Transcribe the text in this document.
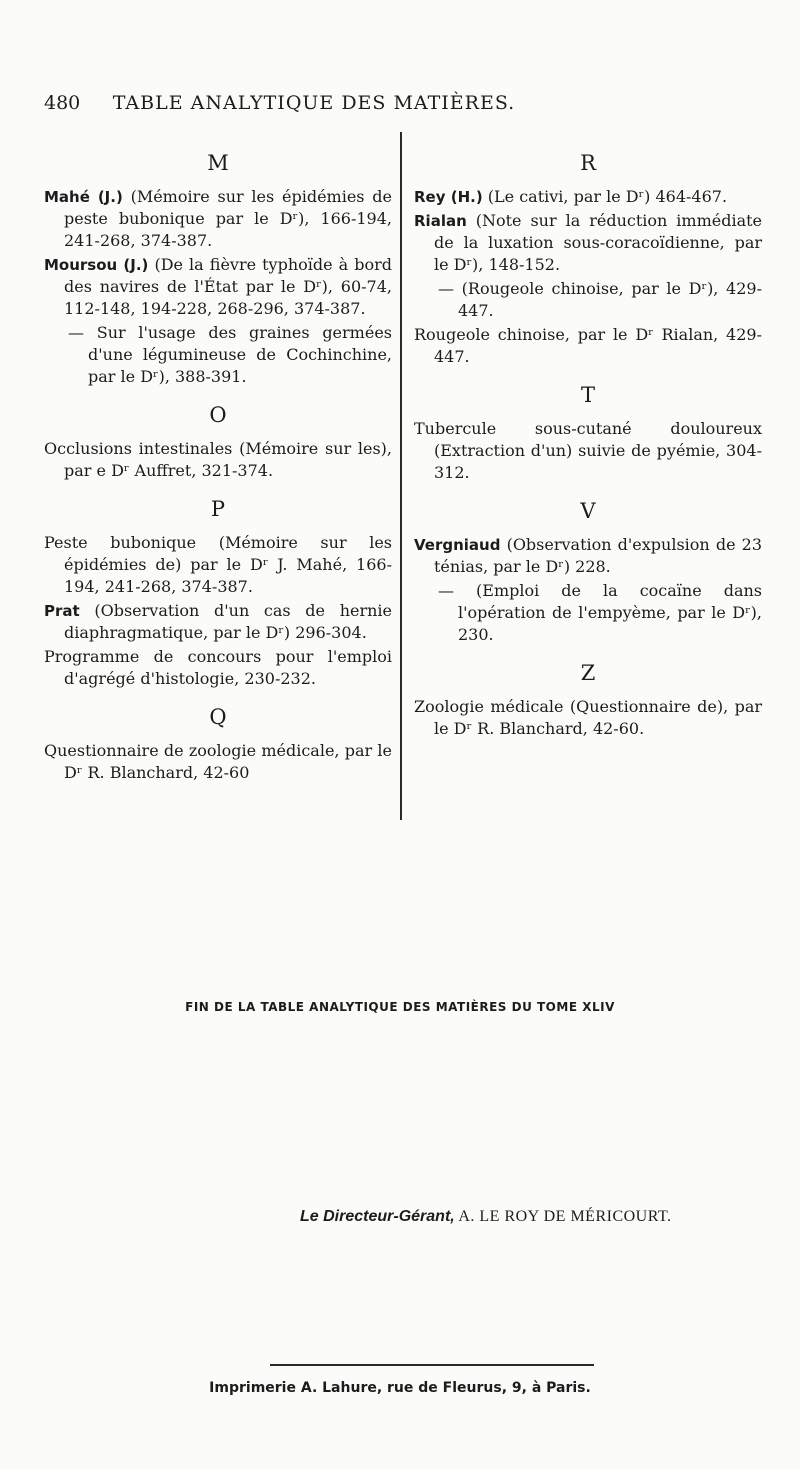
480	TABLE ANALYTIQUE DES MATIÈRES.
M

Mahé (J.) (Mémoire sur les épidémies de peste bubonique par le Dʳ), 166-194, 241-268, 374-387.

Moursou (J.) (De la fièvre typhoïde à bord des navires de l'État par le Dʳ), 60-74, 112-148, 194-228, 268-296, 374-387.

— Sur l'usage des graines germées d'une légumineuse de Cochinchine, par le Dʳ), 388-391.

O

Occlusions intestinales (Mémoire sur les), par e Dʳ Auffret, 321-374.

P

Peste bubonique (Mémoire sur les épidémies de) par le Dʳ J. Mahé, 166-194, 241-268, 374-387.

Prat (Observation d'un cas de hernie diaphragmatique, par le Dʳ) 296-304.

Programme de concours pour l'emploi d'agrégé d'histologie, 230-232.

Q

Questionnaire de zoologie médicale, par le Dʳ R. Blanchard, 42-60

R

Rey (H.) (Le cativi, par le Dʳ) 464-467.

Rialan (Note sur la réduction immédiate de la luxation sous-coracoïdienne, par le Dʳ), 148-152.

— (Rougeole chinoise, par le Dʳ), 429-447.

Rougeole chinoise, par le Dʳ Rialan, 429-447.

T

Tubercule sous-cutané douloureux (Extraction d'un) suivie de pyémie, 304-312.

V

Vergniaud (Observation d'expulsion de 23 ténias, par le Dʳ) 228.

— (Emploi de la cocaïne dans l'opération de l'empyème, par le Dʳ), 230.

Z

Zoologie médicale (Questionnaire de), par le Dʳ R. Blanchard, 42-60.

FIN DE LA TABLE ANALYTIQUE DES MATIÈRES DU TOME XLIV
Le Directeur-Gérant, A. LE ROY DE MÉRICOURT.
Imprimerie A. Lahure, rue de Fleurus, 9, à Paris.
